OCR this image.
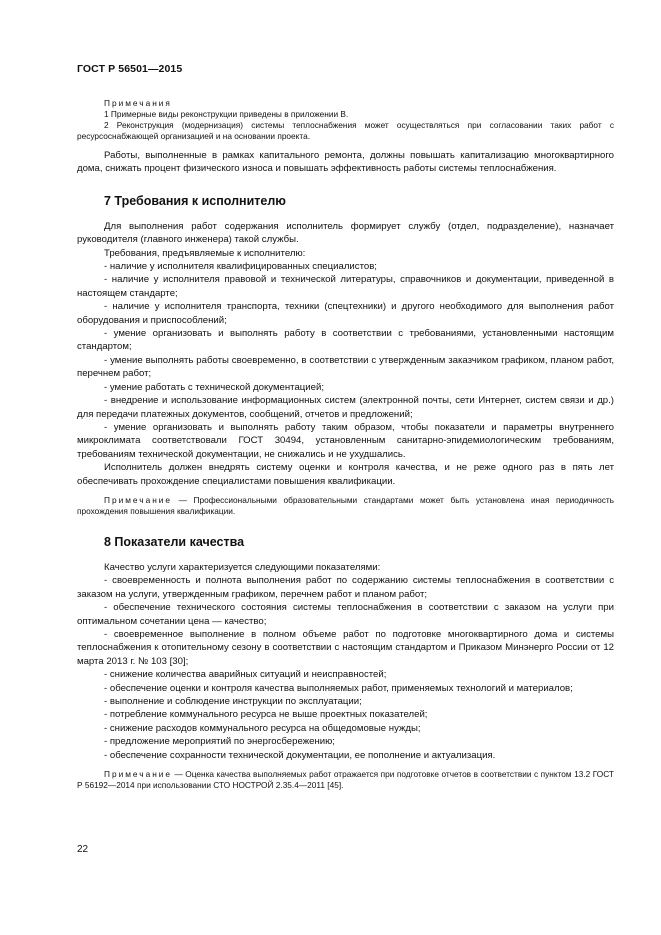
ГОСТ Р 56501—2015

Примечания

1 Примерные виды реконструкции приведены в приложении В.

2 Реконструкция (модернизация) системы теплоснабжения может осуществляться при согласовании таких работ с ресурсоснабжающей организацией и на основании проекта.

Работы, выполненные в рамках капитального ремонта, должны повышать капитализацию многоквартирного дома, снижать процент физического износа и повышать эффективность работы системы теплоснабжения.

7 Требования к исполнителю

Для выполнения работ содержания исполнитель формирует службу (отдел, подразделение), назначает руководителя (главного инженера) такой службы.

Требования, предъявляемые к исполнителю:

- наличие у исполнителя квалифицированных специалистов;

- наличие у исполнителя правовой и технической литературы, справочников и документации, приведенной в настоящем стандарте;

- наличие у исполнителя транспорта, техники (спецтехники) и другого необходимого для выполнения работ оборудования и приспособлений;

- умение организовать и выполнять работу в соответствии с требованиями, установленными настоящим стандартом;

- умение выполнять работы своевременно, в соответствии с утвержденным заказчиком графиком, планом работ, перечнем работ;

- умение работать с технической документацией;

- внедрение и использование информационных систем (электронной почты, сети Интернет, систем связи и др.) для передачи платежных документов, сообщений, отчетов и предложений;

- умение организовать и выполнять работу таким образом, чтобы показатели и параметры внутреннего микроклимата соответствовали ГОСТ 30494, установленным санитарно-эпидемиологическим требованиям, требованиям технической документации, не снижались и не ухудшались.

Исполнитель должен внедрять систему оценки и контроля качества, и не реже одного раз в пять лет обеспечивать прохождение специалистами повышения квалификации.

Примечание — Профессиональными образовательными стандартами может быть установлена иная периодичность прохождения повышения квалификации.

8 Показатели качества

Качество услуги характеризуется следующими показателями:

- своевременность и полнота выполнения работ по содержанию системы теплоснабжения в соответствии с заказом на услуги, утвержденным графиком, перечнем работ и планом работ;

- обеспечение технического состояния системы теплоснабжения в соответствии с заказом на услуги при оптимальном сочетании цена — качество;

- своевременное выполнение в полном объеме работ по подготовке многоквартирного дома и системы теплоснабжения к отопительному сезону в соответствии с настоящим стандартом и Приказом Минэнерго России от 12 марта 2013 г. № 103 [30];

- снижение количества аварийных ситуаций и неисправностей;

- обеспечение оценки и контроля качества выполняемых работ, применяемых технологий и материалов;

- выполнение и соблюдение инструкции по эксплуатации;

- потребление коммунального ресурса не выше проектных показателей;

- снижение расходов коммунального ресурса на общедомовые нужды;

- предложение мероприятий по энергосбережению;

- обеспечение сохранности технической документации, ее пополнение и актуализация.

Примечание — Оценка качества выполняемых работ отражается при подготовке отчетов в соответствии с пунктом 13.2 ГОСТ Р 56192—2014 при использовании СТО НОСТРОЙ 2.35.4—2011 [45].

22
